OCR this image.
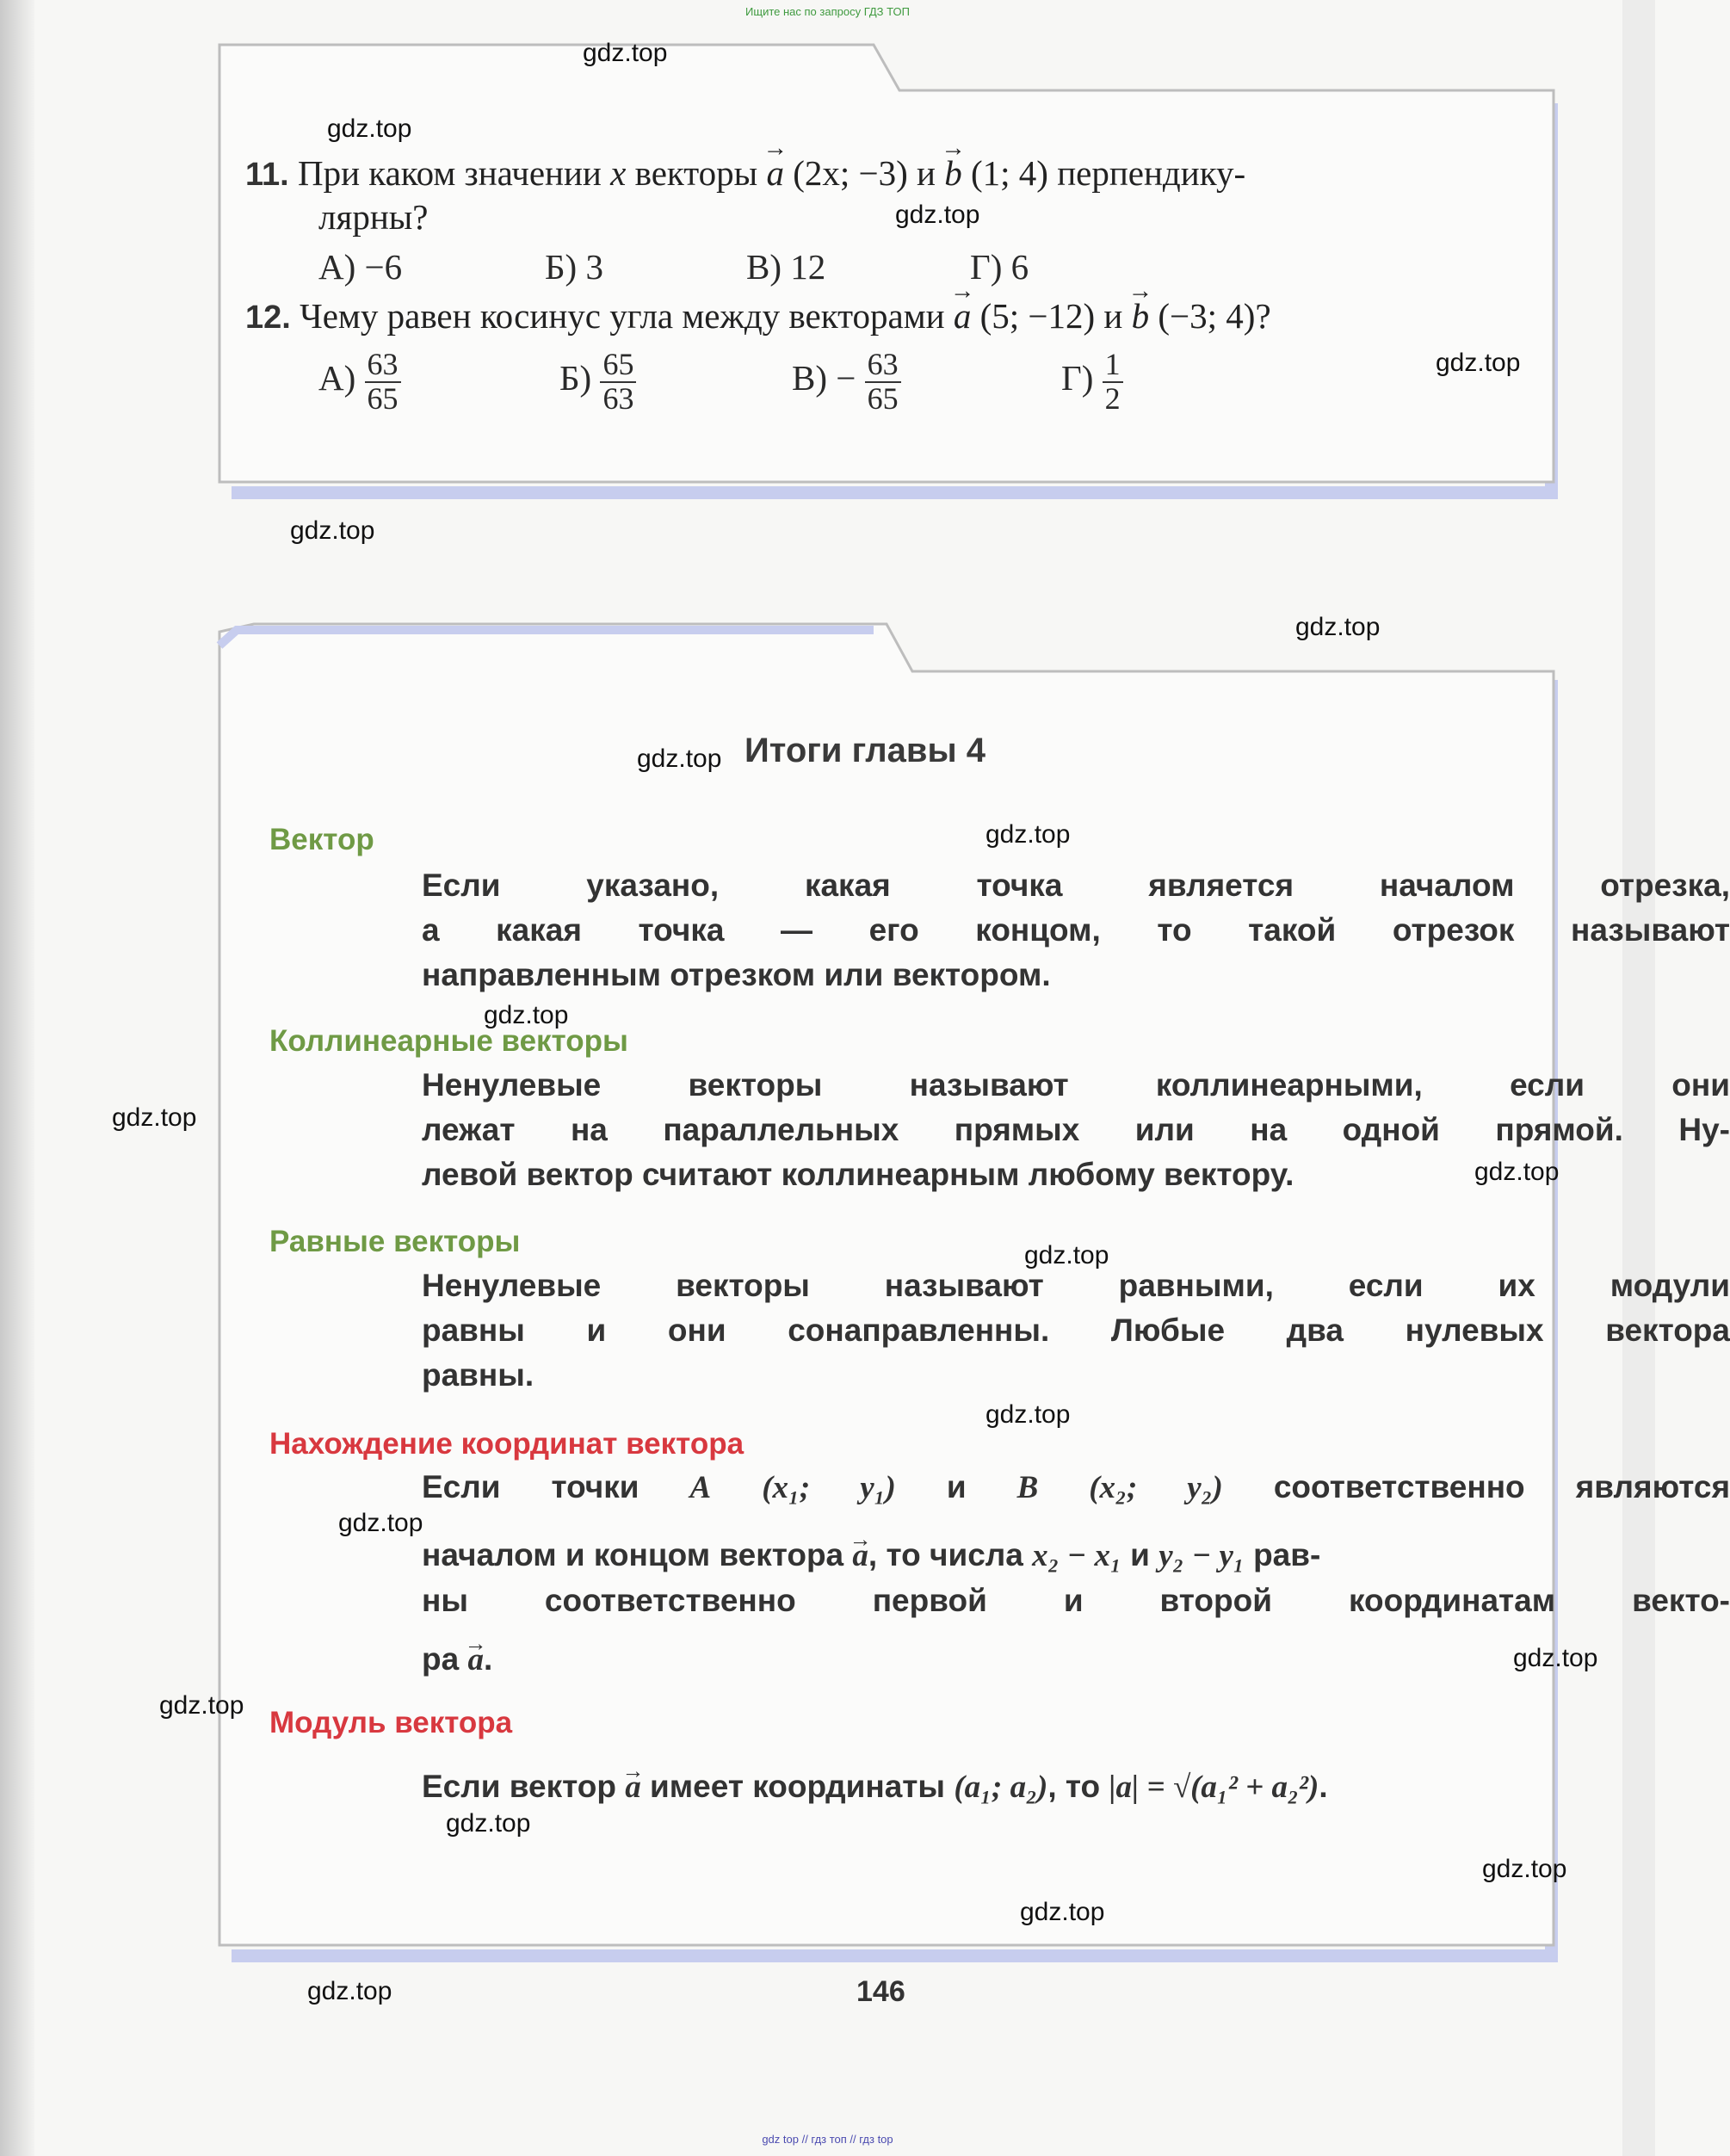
Ищите нас по запросу ГДЗ ТОП
11. При каком значении x векторы → a (2x; −3) и → b (1; 4) перпендику-
лярны?
А) −6	Б) 3	В) 12	Г) 6
12. Чему равен косинус угла между векторами → a (5; −12) и → b (−3; 4)?
$А) \frac{63}{65}$	$Б) \frac{65}{63}$	$В) - \frac{63}{65}$	$Г) \frac{1}{2}$
Итоги главы 4
Вектор
Если указано, какая точка является началом отрезка,
а какая точка — его концом, то такой отрезок называют
направленным отрезком или вектором.
Коллинеарные векторы
Ненулевые векторы называют коллинеарными, если они
лежат на параллельных прямых или на одной прямой. Ну-
левой вектор считают коллинеарным любому вектору.
Равные векторы
Ненулевые векторы называют равными, если их модули
равны и они сонаправленны. Любые два нулевых вектора
равны.
Нахождение координат вектора
Если точки A (x₁; y₁) и B (x₂; y₂) соответственно являются
началом и концом вектора → a, то числа x₂ − x₁ и y₂ − y₁ рав-
ны соответственно первой и второй координатам векто-
ра → a.
Модуль вектора
Если вектор → a имеет координаты (a₁; a₂), то |a| = √(a₁² + a₂²).
146
gdz.top
gdz.top
gdz.top
gdz.top
gdz.top
gdz.top
gdz.top
gdz.top
gdz.top
gdz.top
gdz.top
gdz.top
gdz.top
gdz.top
gdz.top
gdz.top
gdz.top
gdz.top
gdz.top
gdz.top
gdz top // гдз топ // гдз top
